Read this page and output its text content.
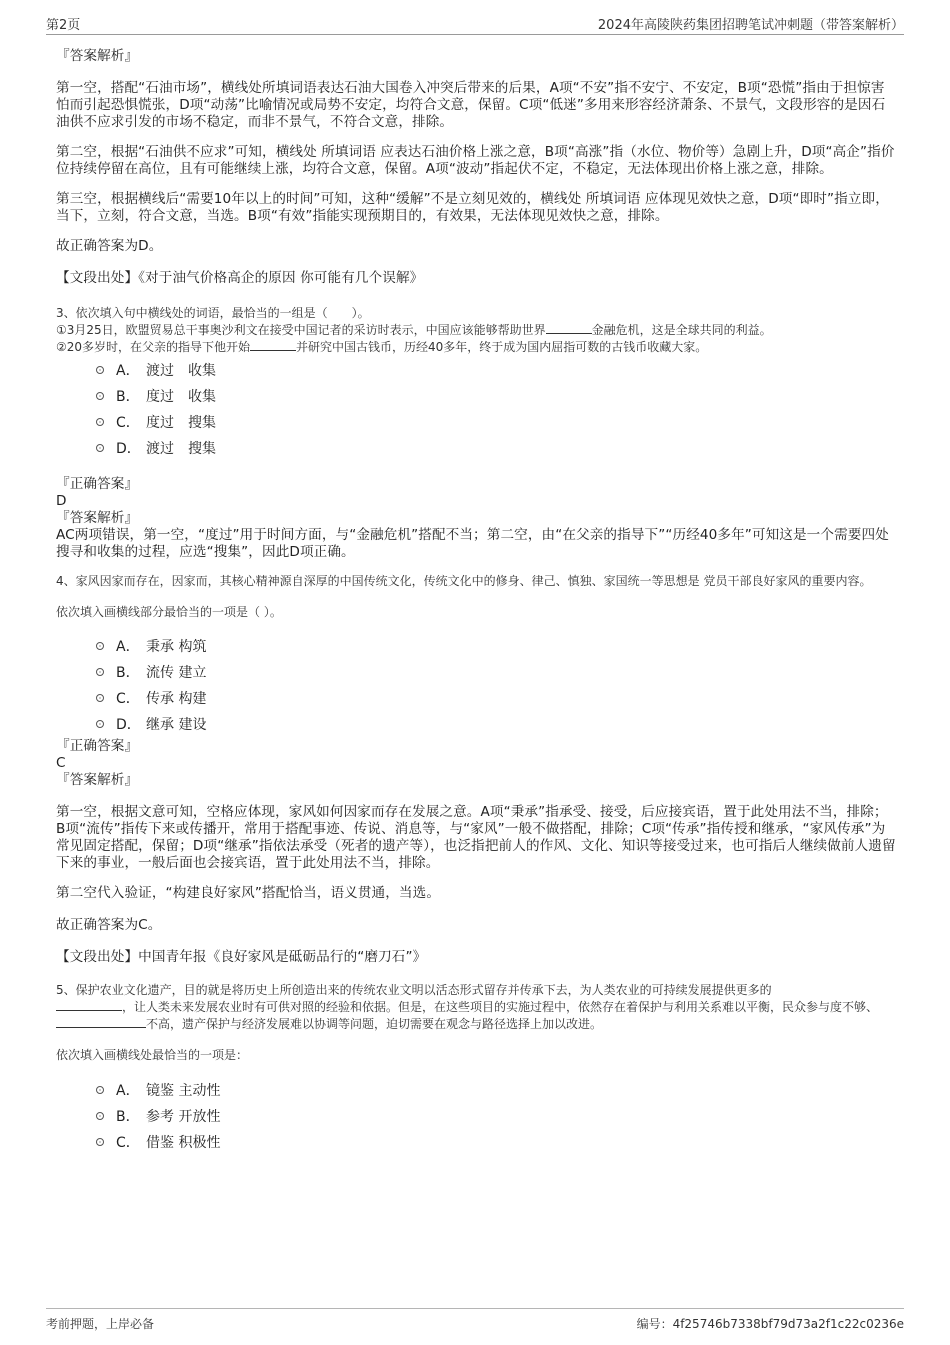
第2页	2024年高陵陕药集团招聘笔试冲刺题（带答案解析）

『答案解析』

第一空，搭配“石油市场”，横线处所填词语表达石油大国卷入冲突后带来的后果，A项“不安”指不安宁、不安定，B项“恐慌”指由于担惊害怕而引起恐惧慌张，D项“动荡”比喻情况或局势不安定，均符合文意，保留。C项“低迷”多用来形容经济萧条、不景气，文段形容的是因石油供不应求引发的市场不稳定，而非不景气，不符合文意，排除。

第二空，根据“石油供不应求”可知，横线处 所填词语 应表达石油价格上涨之意，B项“高涨”指（水位、物价等）急剧上升，D项“高企”指价位持续停留在高位，且有可能继续上涨，均符合文意，保留。A项“波动”指起伏不定，不稳定，无法体现出价格上涨之意，排除。

第三空，根据横线后“需要10年以上的时间”可知，这种“缓解”不是立刻见效的，横线处 所填词语 应体现见效快之意，D项“即时”指立即，当下，立刻，符合文意，当选。B项“有效”指能实现预期目的，有效果，无法体现见效快之意，排除。

故正确答案为D。

【文段出处】《对于油气价格高企的原因 你可能有几个误解》

3、依次填入句中横线处的词语，最恰当的一组是（　　）。

①3月25日，欧盟贸易总干事奥沙利文在接受中国记者的采访时表示，中国应该能够帮助世界	金融危机，这是全球共同的利益。

②20多岁时，在父亲的指导下他开始	并研究中国古钱币，历经40多年，终于成为国内屈指可数的古钱币收藏大家。

A． 渡过　收集
B． 度过　收集
C． 度过　搜集
D． 渡过　搜集

『正确答案』

D

『答案解析』

AC两项错误，第一空，“度过”用于时间方面，与“金融危机”搭配不当；第二空，由“在父亲的指导下”“历经40多年”可知这是一个需要四处搜寻和收集的过程，应选“搜集”，因此D项正确。

4、家风因家而存在，因家而，其核心精神源自深厚的中国传统文化，传统文化中的修身、律己、慎独、家国统一等思想是 党员干部良好家风的重要内容。

依次填入画横线部分最恰当的一项是（ ）。

A． 秉承 构筑
B． 流传 建立
C． 传承 构建
D． 继承 建设

『正确答案』

C

『答案解析』

第一空，根据文意可知，空格应体现，家风如何因家而存在发展之意。A项“秉承”指承受、接受，后应接宾语，置于此处用法不当，排除；B项“流传”指传下来或传播开，常用于搭配事迹、传说、消息等，与“家风”一般不做搭配，排除；C项“传承”指传授和继承，“家风传承”为常见固定搭配，保留；D项“继承”指依法承受（死者的遗产等），也泛指把前人的作风、文化、知识等接受过来，也可指后人继续做前人遗留下来的事业，一般后面也会接宾语，置于此处用法不当，排除。

第二空代入验证，“构建良好家风”搭配恰当，语义贯通，当选。

故正确答案为C。

【文段出处】中国青年报《良好家风是砥砺品行的“磨刀石”》

5、保护农业文化遗产，目的就是将历史上所创造出来的传统农业文明以活态形式留存并传承下去，为人类农业的可持续发展提供更多的
，让人类未来发展农业时有可供对照的经验和依据。但是，在这些项目的实施过程中，依然存在着保护与利用关系难以平衡，民众参与度不够、不高，遗产保护与经济发展难以协调等问题，迫切需要在观念与路径选择上加以改进。

依次填入画横线处最恰当的一项是：

A． 镜鉴 主动性
B． 参考 开放性
C． 借鉴 积极性
考前押题，上岸必备	编号：4f25746b7338bf79d73a2f1c22c0236e
